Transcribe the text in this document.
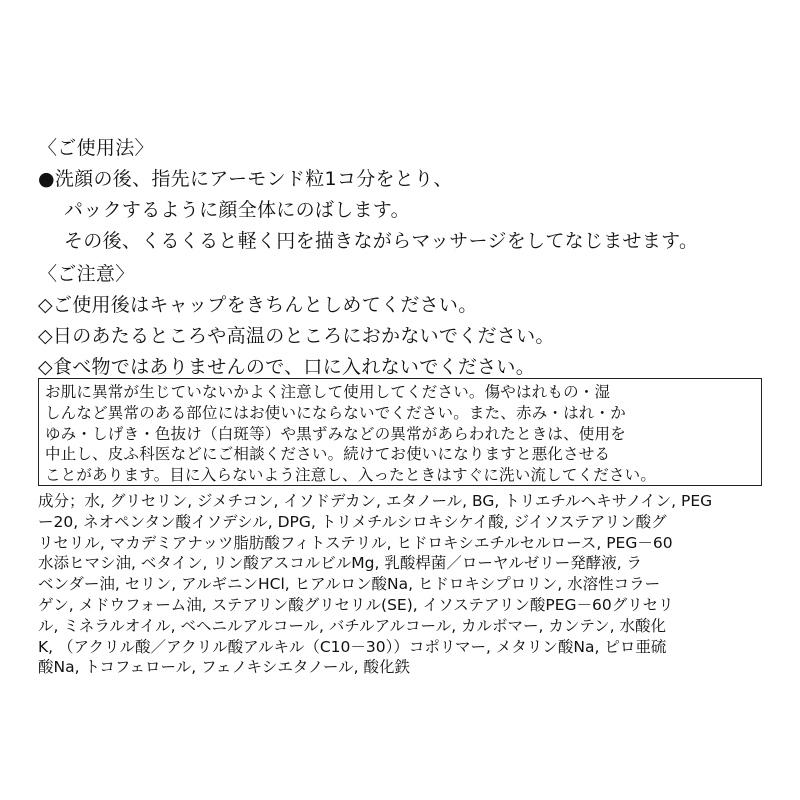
〈ご使用法〉
●洗顔の後、指先にアーモンド粒1コ分をとり、
パックするように顔全体にのばします。
その後、くるくると軽く円を描きながらマッサージをしてなじませます。
〈ご注意〉
◇ご使用後はキャップをきちんとしめてください。
◇日のあたるところや高温のところにおかないでください。
◇食べ物ではありませんので、口に入れないでください。
お肌に異常が生じていないかよく注意して使用してください。傷やはれもの・湿
しんなど異常のある部位にはお使いにならないでください。また、赤み・はれ・か
ゆみ・しげき・色抜け（白斑等）や黒ずみなどの異常があらわれたときは、使用を
中止し、皮ふ科医などにご相談ください。続けてお使いになりますと悪化させる
ことがあります。目に入らないよう注意し、入ったときはすぐに洗い流してください。
成分；水, グリセリン, ジメチコン, イソドデカン, エタノール, BG, トリエチルヘキサノイン, PEG
ー20, ネオペンタン酸イソデシル, DPG, トリメチルシロキシケイ酸, ジイソステアリン酸グ
リセリル, マカデミアナッツ脂肪酸フィトステリル, ヒドロキシエチルセルロース, PEG－60
水添ヒマシ油, ベタイン, リン酸アスコルビルMg, 乳酸桿菌／ローヤルゼリー発酵液, ラ
ベンダー油, セリン, アルギニンHCl, ヒアルロン酸Na, ヒドロキシプロリン, 水溶性コラー
ゲン, メドウフォーム油, ステアリン酸グリセリル(SE), イソステアリン酸PEG－60グリセリ
ル, ミネラルオイル, ベヘニルアルコール, バチルアルコール, カルボマー, カンテン, 水酸化
K, （アクリル酸／アクリル酸アルキル（C10－30））コポリマー, メタリン酸Na, ピロ亜硫
酸Na, トコフェロール, フェノキシエタノール, 酸化鉄
